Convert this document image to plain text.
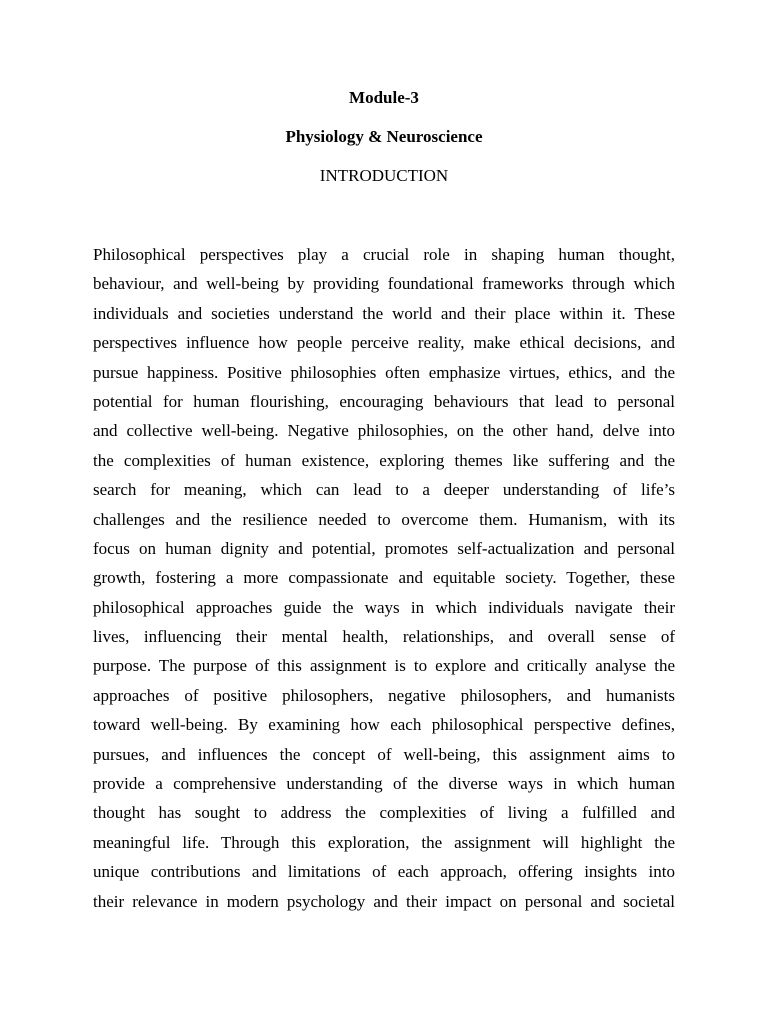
Module-3
Physiology & Neuroscience
INTRODUCTION
Philosophical perspectives play a crucial role in shaping human thought,
behaviour, and well-being by providing foundational frameworks through which
individuals and societies understand the world and their place within it. These
perspectives influence how people perceive reality, make ethical decisions, and
pursue happiness. Positive philosophies often emphasize virtues, ethics, and the
potential for human flourishing, encouraging behaviours that lead to personal
and collective well-being. Negative philosophies, on the other hand, delve into
the complexities of human existence, exploring themes like suffering and the
search for meaning, which can lead to a deeper understanding of life’s
challenges and the resilience needed to overcome them. Humanism, with its
focus on human dignity and potential, promotes self-actualization and personal
growth, fostering a more compassionate and equitable society. Together, these
philosophical approaches guide the ways in which individuals navigate their
lives, influencing their mental health, relationships, and overall sense of
purpose. The purpose of this assignment is to explore and critically analyse the
approaches of positive philosophers, negative philosophers, and humanists
toward well-being. By examining how each philosophical perspective defines,
pursues, and influences the concept of well-being, this assignment aims to
provide a comprehensive understanding of the diverse ways in which human
thought has sought to address the complexities of living a fulfilled and
meaningful life. Through this exploration, the assignment will highlight the
unique contributions and limitations of each approach, offering insights into
their relevance in modern psychology and their impact on personal and societal
